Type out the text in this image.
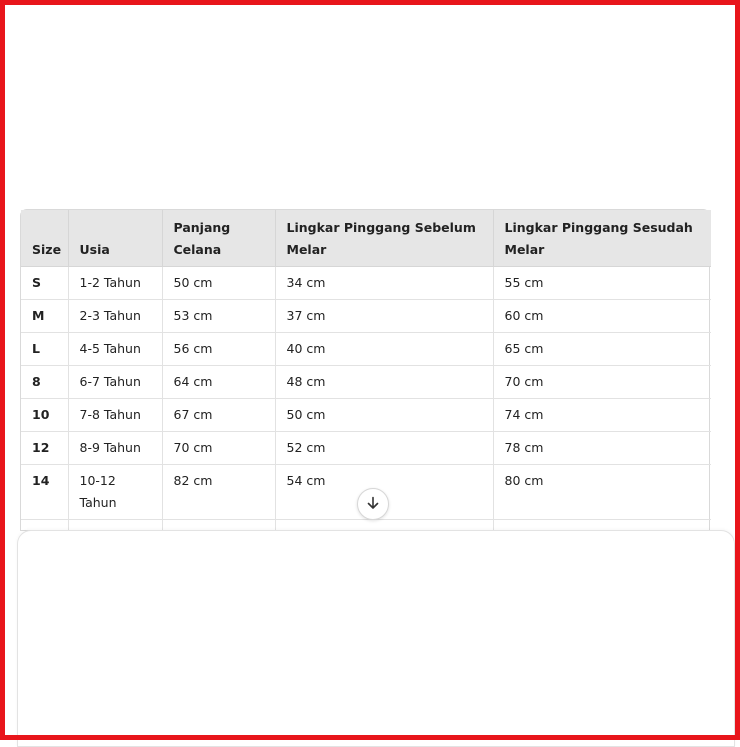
Size	Usia	Panjang Celana	Lingkar Pinggang Sebelum Melar	Lingkar Pinggang Sesudah Melar
S	1-2 Tahun	50 cm	34 cm	55 cm
M	2-3 Tahun	53 cm	37 cm	60 cm
L	4-5 Tahun	56 cm	40 cm	65 cm
8	6-7 Tahun	64 cm	48 cm	70 cm
10	7-8 Tahun	67 cm	50 cm	74 cm
12	8-9 Tahun	70 cm	52 cm	78 cm
14	10-12 Tahun	82 cm	54 cm	80 cm
